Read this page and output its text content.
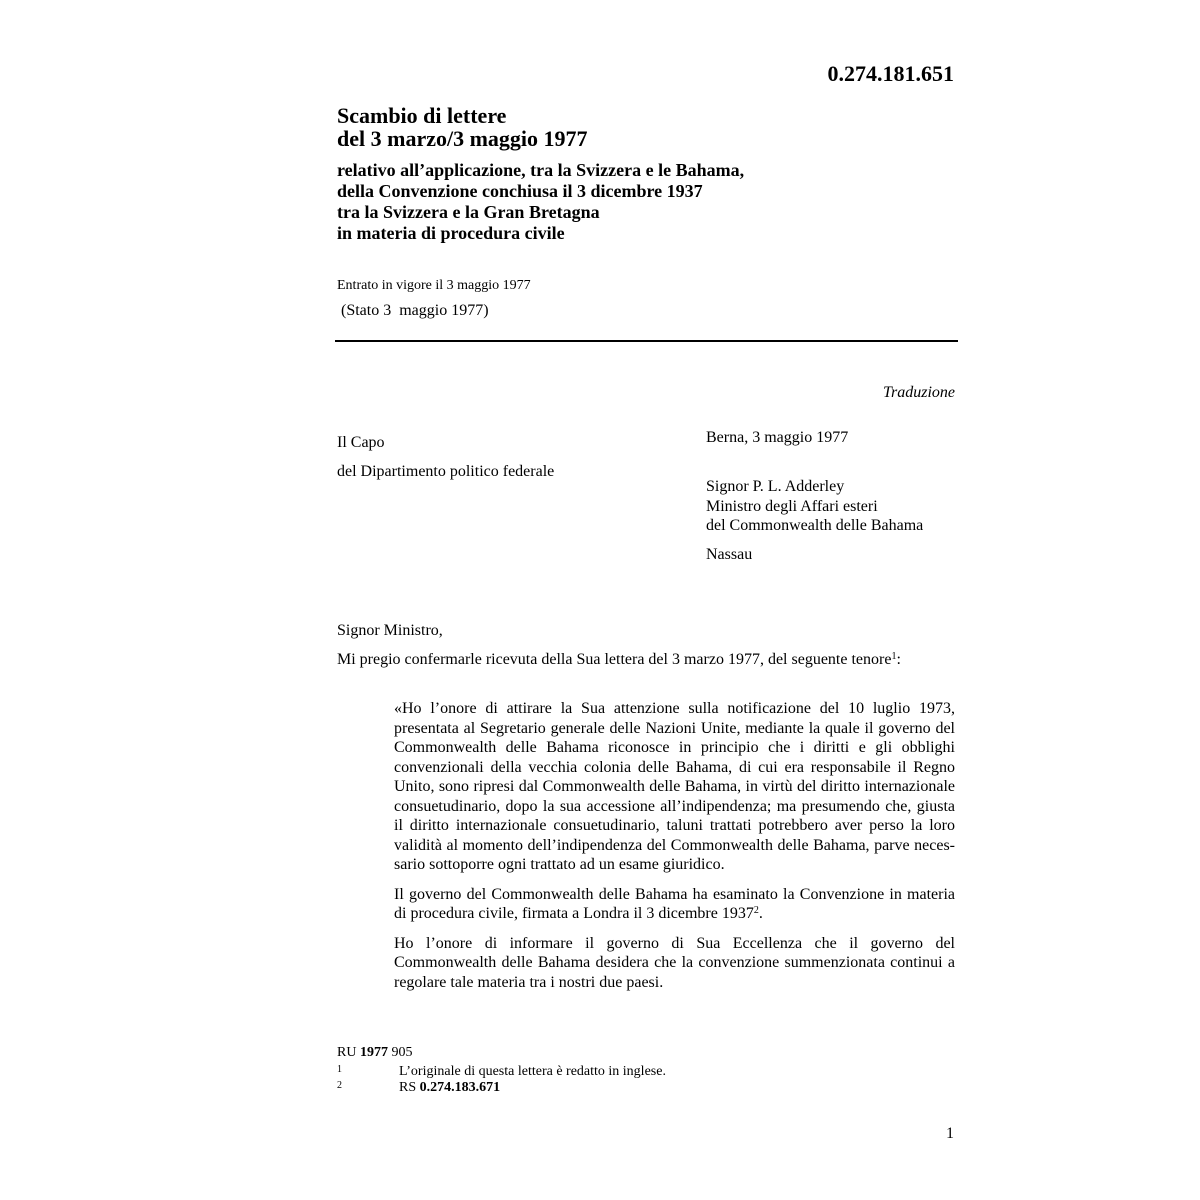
0.274.181.651
Scambio di lettere
del 3 marzo/3 maggio 1977
relativo all’applicazione, tra la Svizzera e le Bahama,
della Convenzione conchiusa il 3 dicembre 1937
tra la Svizzera e la Gran Bretagna
in materia di procedura civile
Entrato in vigore il 3 maggio 1977
(Stato 3  maggio 1977)
Traduzione
Il Capo
del Dipartimento politico federale
Berna, 3 maggio 1977
Signor P. L. Adderley
Ministro degli Affari esteri
del Commonwealth delle Bahama
Nassau
Signor Ministro,

Mi pregio confermarle ricevuta della Sua lettera del 3 marzo 1977, del seguente tenore$^1$:

«Ho l’onore di attirare la Sua attenzione sulla notificazione del 10 luglio 1973, presentata al Segretario generale delle Nazioni Unite, mediante la quale il governo del Commonwealth delle Bahama riconosce in principio che i diritti e gli obblighi convenzionali della vecchia colonia delle Bahama, di cui era responsabile il Regno Unito, sono ripresi dal Commonwealth delle Bahama, in virtù del diritto internazionale consuetudinario, dopo la sua accessione all’indipendenza; ma presumendo che, giusta il diritto internazionale consuetudinario, taluni trattati potrebbero aver perso la loro validità al momento dell’indipendenza del Commonwealth delle Bahama, parve necessario sottoporre ogni trattato ad un esame giuridico.

Il governo del Commonwealth delle Bahama ha esaminato la Convenzione in materia di procedura civile, firmata a Londra il 3 dicembre 1937$^2$.

Ho l’onore di informare il governo di Sua Eccellenza che il governo del Commonwealth delle Bahama desidera che la convenzione summenzionata continui a regolare tale materia tra i nostri due paesi.

RU 1977 905
1	L’originale di questa lettera è redatto in inglese.
2	RS 0.274.183.671
1
